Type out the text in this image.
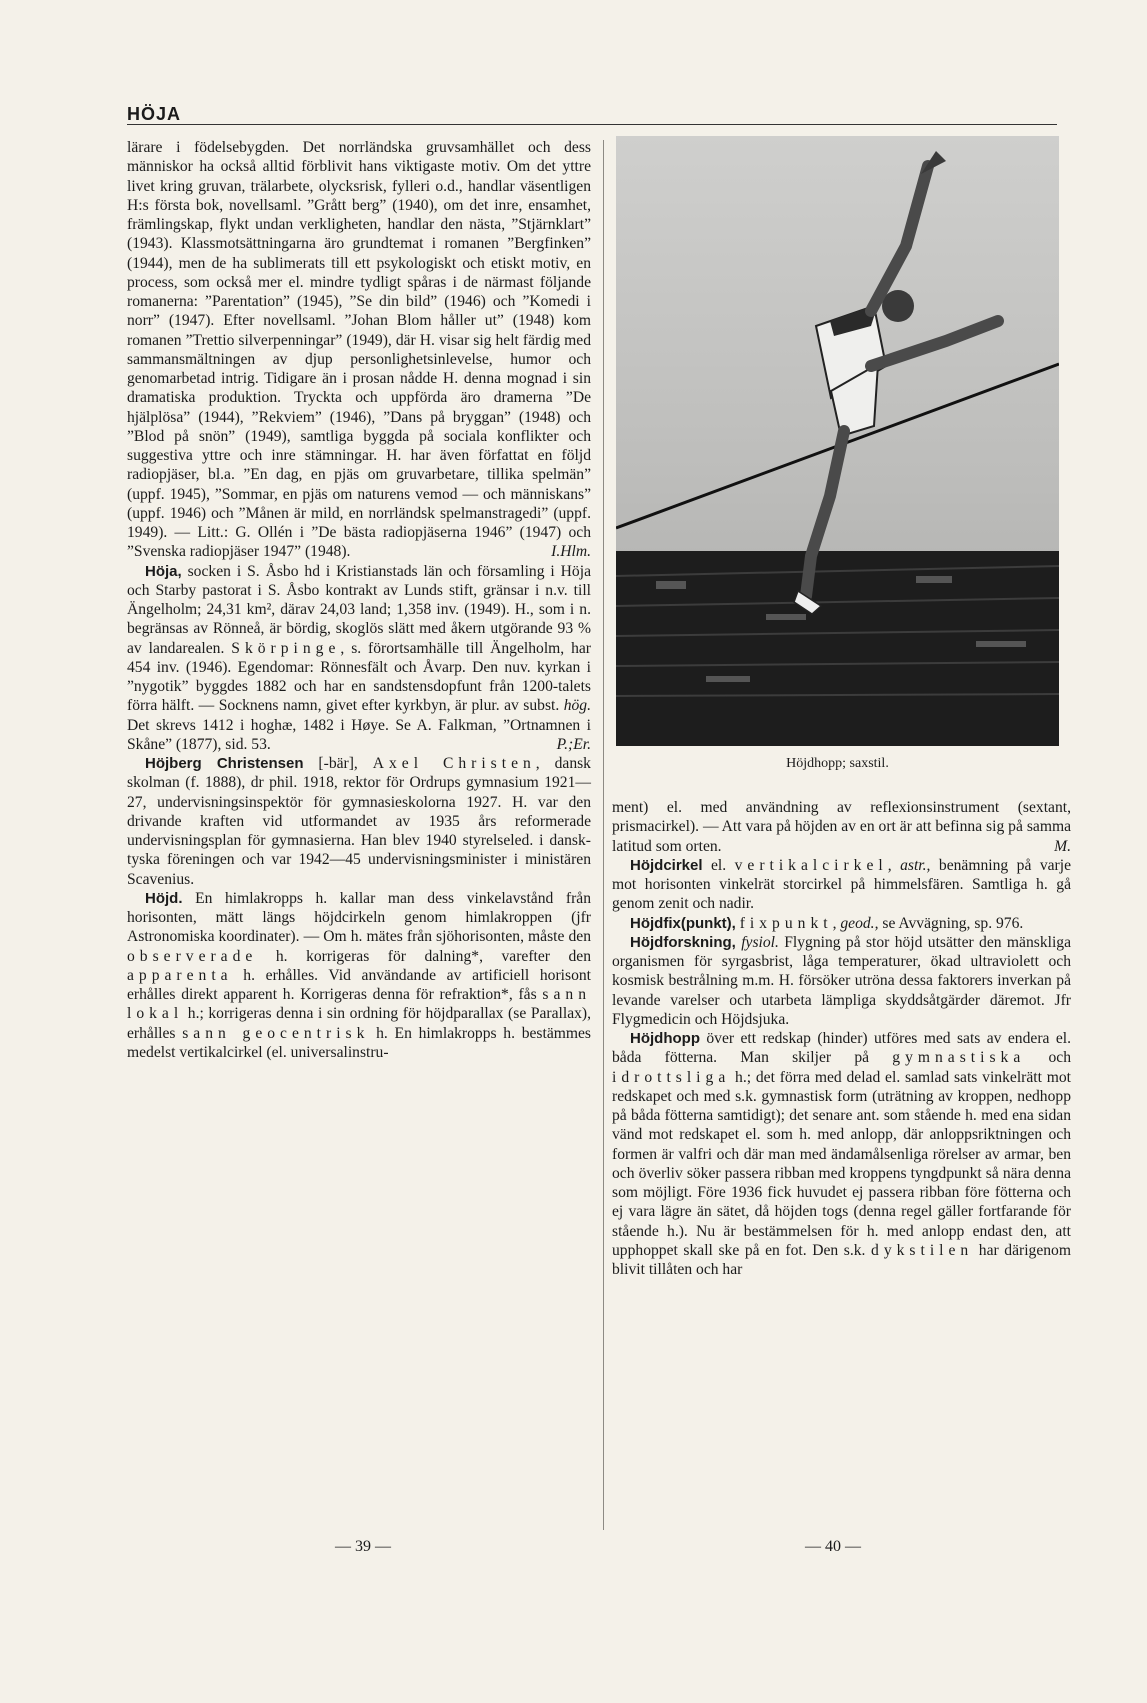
HÖJA

lärare i födelsebygden. Det norrländska gruvsamhället och dess människor ha också alltid förblivit hans viktigaste motiv. Om det yttre livet kring gruvan, trälarbete, olycksrisk, fylleri o.d., handlar väsentligen H:s första bok, novellsaml. ”Grått berg” (1940), om det inre, ensamhet, främlingskap, flykt undan verkligheten, handlar den nästa, ”Stjärnklart” (1943). Klassmotsättningarna äro grundtemat i romanen ”Bergfinken” (1944), men de ha sublimerats till ett psykologiskt och etiskt motiv, en process, som också mer el. mindre tydligt spåras i de närmast följande romanerna: ”Parentation” (1945), ”Se din bild” (1946) och ”Komedi i norr” (1947). Efter novellsaml. ”Johan Blom håller ut” (1948) kom romanen ”Trettio silverpenningar” (1949), där H. visar sig helt färdig med sammansmältningen av djup personlighetsinlevelse, humor och genomarbetad intrig. Tidigare än i prosan nådde H. denna mognad i sin dramatiska produktion. Tryckta och uppförda äro dramerna ”De hjälplösa” (1944), ”Rekviem” (1946), ”Dans på bryggan” (1948) och ”Blod på snön” (1949), samtliga byggda på sociala konflikter och suggestiva yttre och inre stämningar. H. har även författat en följd radiopjäser, bl.a. ”En dag, en pjäs om gruvarbetare, tillika spelmän” (uppf. 1945), ”Sommar, en pjäs om naturens vemod — och människans” (uppf. 1946) och ”Månen är mild, en norrländsk spelmanstragedi” (uppf. 1949). — Litt.: G. Ollén i ”De bästa radiopjäserna 1946” (1947) och ”Svenska radiopjäser 1947” (1948).	I.Hlm.

Höja, socken i S. Åsbo hd i Kristianstads län och församling i Höja och Starby pastorat i S. Åsbo kontrakt av Lunds stift, gränsar i n.v. till Ängelholm; 24,31 km², därav 24,03 land; 1,358 inv. (1949). H., som i n. begränsas av Rönneå, är bördig, skoglös slätt med åkern utgörande 93 % av landarealen. Skörpinge, s. förortsamhälle till Ängelholm, har 454 inv. (1946). Egendomar: Rönnesfält och Åvarp. Den nuv. kyrkan i ”nygotik” byggdes 1882 och har en sandstensdopfunt från 1200-talets förra hälft. — Socknens namn, givet efter kyrkbyn, är plur. av subst. hög. Det skrevs 1412 i hoghæ, 1482 i Høye. Se A. Falkman, ”Ortnamnen i Skåne” (1877), sid. 53.	P.;Er.

Höjberg Christensen [-bär], Axel Christen, dansk skolman (f. 1888), dr phil. 1918, rektor för Ordrups gymnasium 1921—27, undervisningsinspektör för gymnasieskolorna 1927. H. var den drivande kraften vid utformandet av 1935 års reformerade undervisningsplan för gymnasierna. Han blev 1940 styrelseled. i dansk-tyska föreningen och var 1942—45 undervisningsminister i ministären Scavenius.

Höjd. En himlakropps h. kallar man dess vinkelavstånd från horisonten, mätt längs höjdcirkeln genom himlakroppen (jfr Astronomiska koordinater). — Om h. mätes från sjöhorisonten, måste den observerade h. korrigeras för dalning*, varefter den apparenta h. erhålles. Vid användande av artificiell horisont erhålles direkt apparent h. Korrigeras denna för refraktion*, fås sann lokal h.; korrigeras denna i sin ordning för höjdparallax (se Parallax), erhålles sann geocentrisk h. En himlakropps h. bestämmes medelst vertikalcirkel (el. universalinstru-

Höjdhopp; saxstil.

ment) el. med användning av reflexionsinstrument (sextant, prismacirkel). — Att vara på höjden av en ort är att befinna sig på samma latitud som orten.	M.

Höjdcirkel el. vertikalcirkel, astr., benämning på varje mot horisonten vinkelrät storcirkel på himmelsfären. Samtliga h. gå genom zenit och nadir.

Höjdfix(punkt), fixpunkt, geod., se Avvägning, sp. 976.

Höjdforskning, fysiol. Flygning på stor höjd utsätter den mänskliga organismen för syrgasbrist, låga temperaturer, ökad ultraviolett och kosmisk bestrålning m.m. H. försöker utröna dessa faktorers inverkan på levande varelser och utarbeta lämpliga skyddsåtgärder däremot. Jfr Flygmedicin och Höjdsjuka.

Höjdhopp över ett redskap (hinder) utföres med sats av endera el. båda fötterna. Man skiljer på gymnastiska och idrottsliga h.; det förra med delad el. samlad sats vinkelrätt mot redskapet och med s.k. gymnastisk form (uträtning av kroppen, nedhopp på båda fötterna samtidigt); det senare ant. som stående h. med ena sidan vänd mot redskapet el. som h. med anlopp, där anloppsriktningen och formen är valfri och där man med ändamålsenliga rörelser av armar, ben och överliv söker passera ribban med kroppens tyngdpunkt så nära denna som möjligt. Före 1936 fick huvudet ej passera ribban före fötterna och ej vara lägre än sätet, då höjden togs (denna regel gäller fortfarande för stående h.). Nu är bestämmelsen för h. med anlopp endast den, att upphoppet skall ske på en fot. Den s.k. dykstilen har därigenom blivit tillåten och har

— 39 —	— 40 —
